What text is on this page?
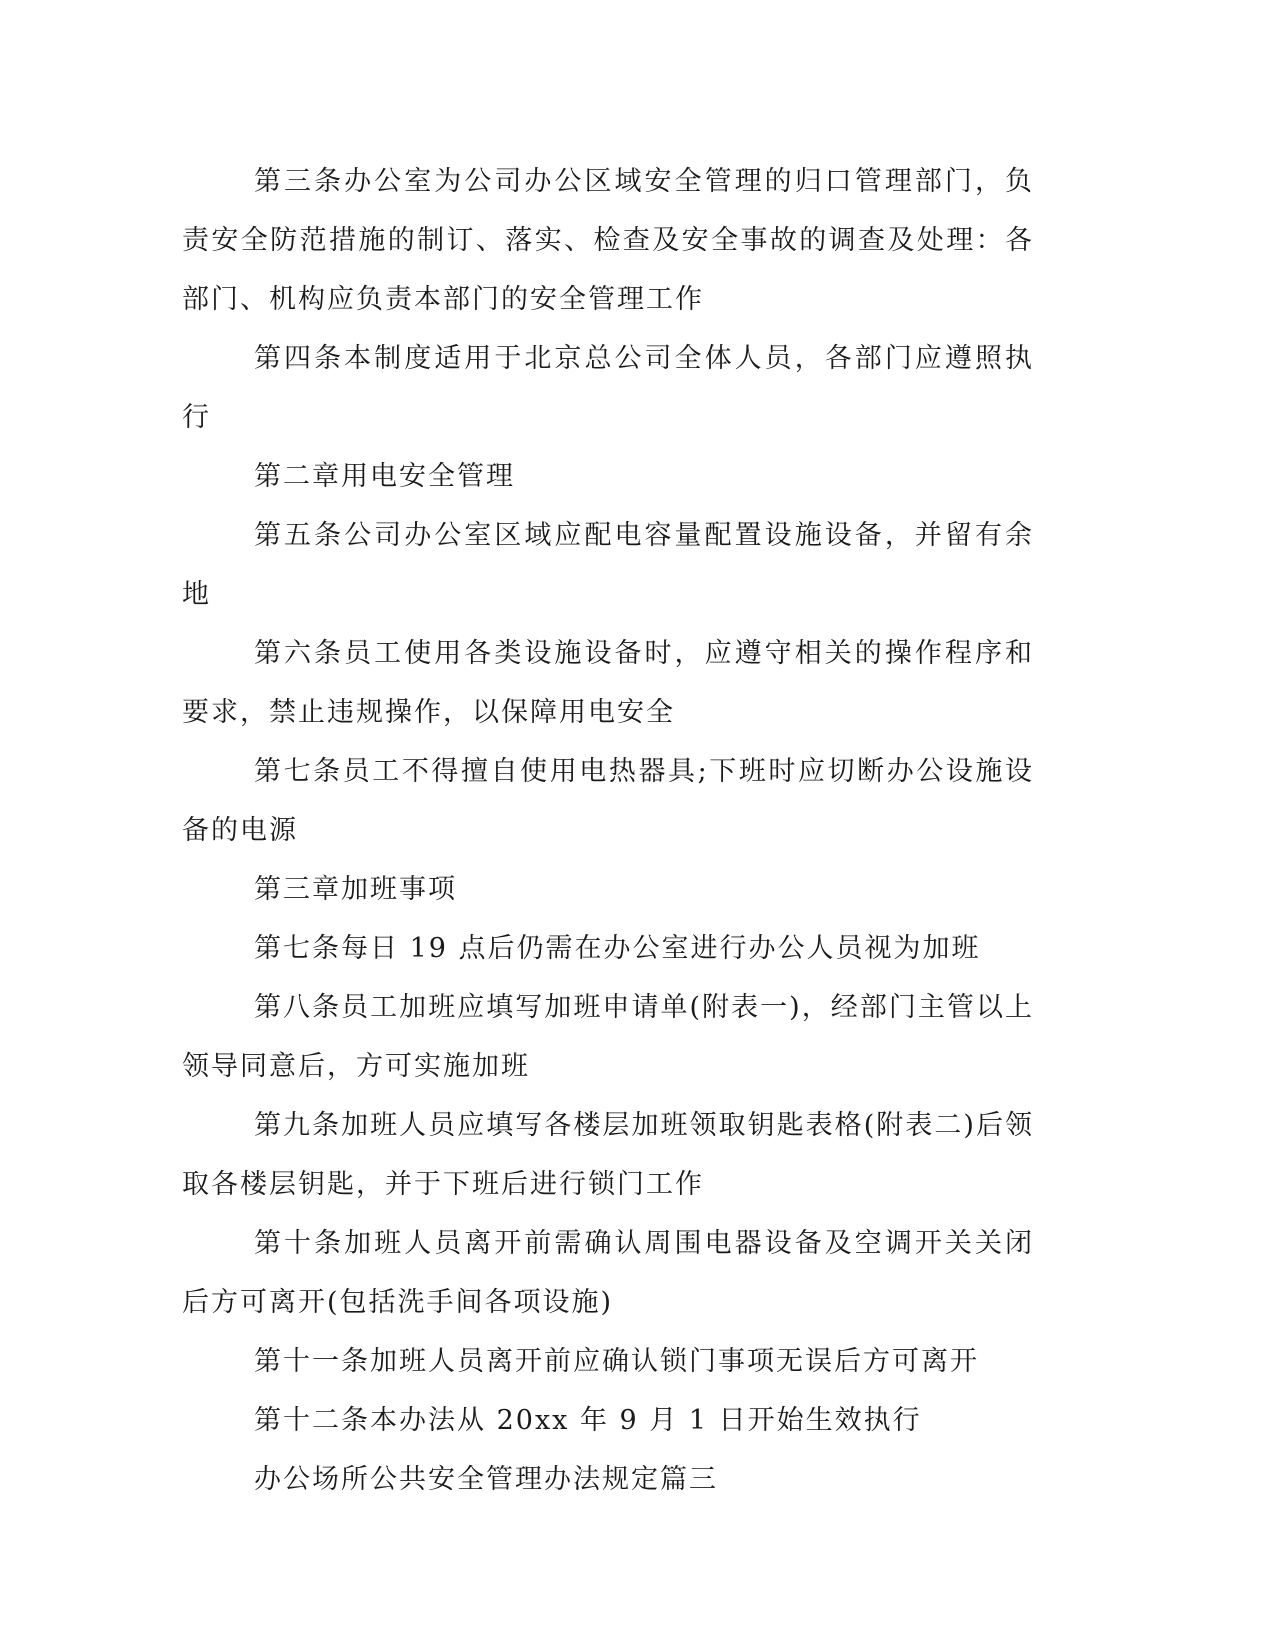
第三条办公室为公司办公区域安全管理的归口管理部门，负责安全防范措施的制订、落实、检查及安全事故的调查及处理：各部门、机构应负责本部门的安全管理工作

第四条本制度适用于北京总公司全体人员，各部门应遵照执行

第二章用电安全管理

第五条公司办公室区域应配电容量配置设施设备，并留有余地

第六条员工使用各类设施设备时，应遵守相关的操作程序和要求，禁止违规操作，以保障用电安全

第七条员工不得擅自使用电热器具;下班时应切断办公设施设备的电源

第三章加班事项

第七条每日 19 点后仍需在办公室进行办公人员视为加班

第八条员工加班应填写加班申请单(附表一)，经部门主管以上领导同意后，方可实施加班

第九条加班人员应填写各楼层加班领取钥匙表格(附表二)后领取各楼层钥匙，并于下班后进行锁门工作

第十条加班人员离开前需确认周围电器设备及空调开关关闭后方可离开(包括洗手间各项设施)

第十一条加班人员离开前应确认锁门事项无误后方可离开

第十二条本办法从 20xx 年 9 月 1 日开始生效执行

办公场所公共安全管理办法规定篇三
